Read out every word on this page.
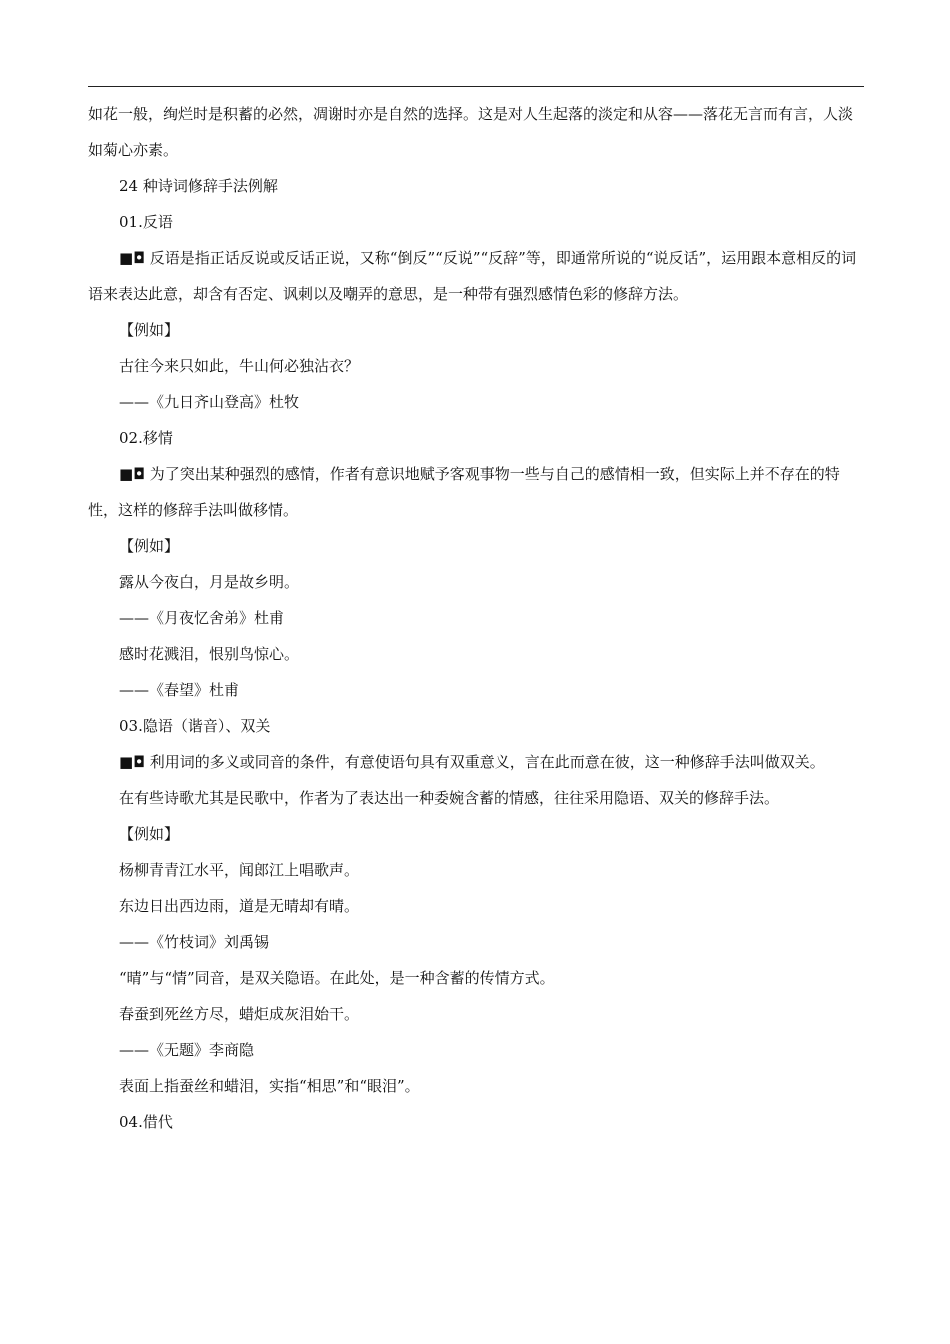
如花一般，绚烂时是积蓄的必然，凋谢时亦是自然的选择。这是对人生起落的淡定和从容——落花无言而有言，人淡如菊心亦素。

24 种诗词修辞手法例解

01.反语

■◘ 反语是指正话反说或反话正说，又称“倒反”“反说”“反辞”等，即通常所说的“说反话”，运用跟本意相反的词语来表达此意，却含有否定、讽刺以及嘲弄的意思，是一种带有强烈感情色彩的修辞方法。

【例如】

古往今来只如此，牛山何必独沾衣？

——《九日齐山登高》杜牧

02.移情

■◘ 为了突出某种强烈的感情，作者有意识地赋予客观事物一些与自己的感情相一致，但实际上并不存在的特性，这样的修辞手法叫做移情。

【例如】

露从今夜白，月是故乡明。

——《月夜忆舍弟》杜甫

感时花溅泪，恨别鸟惊心。

——《春望》杜甫

03.隐语（谐音）、双关

■◘ 利用词的多义或同音的条件，有意使语句具有双重意义，言在此而意在彼，这一种修辞手法叫做双关。

在有些诗歌尤其是民歌中，作者为了表达出一种委婉含蓄的情感，往往采用隐语、双关的修辞手法。

【例如】

杨柳青青江水平，闻郎江上唱歌声。

东边日出西边雨，道是无晴却有晴。

——《竹枝词》刘禹锡

“晴”与“情”同音，是双关隐语。在此处，是一种含蓄的传情方式。

春蚕到死丝方尽，蜡炬成灰泪始干。

——《无题》李商隐

表面上指蚕丝和蜡泪，实指“相思”和“眼泪”。

04.借代
